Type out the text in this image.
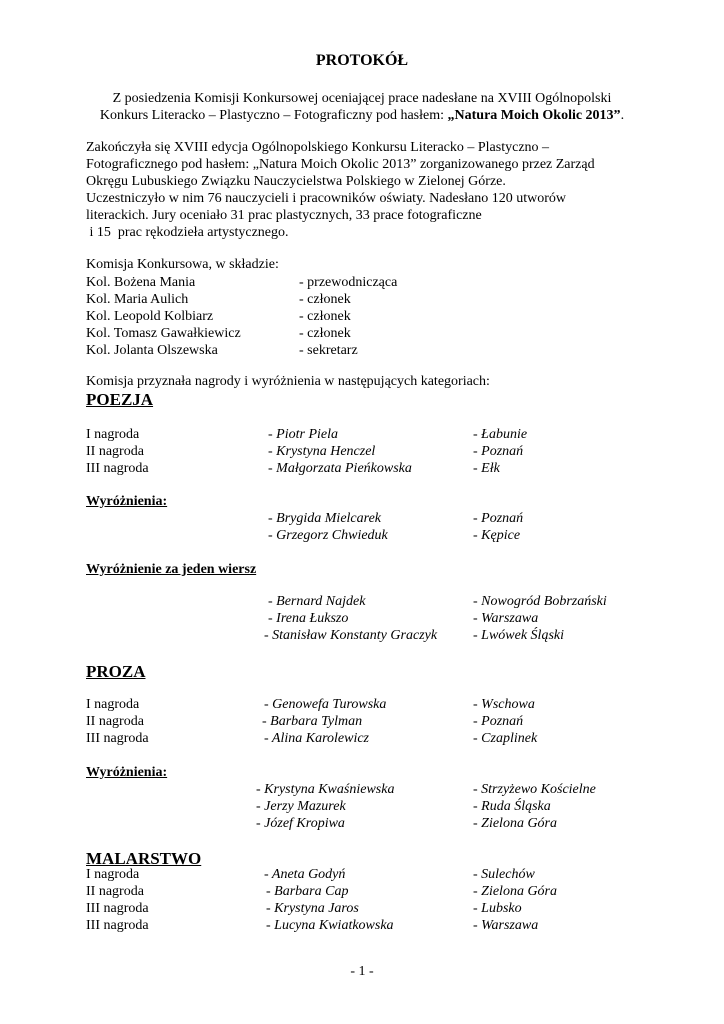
PROTOKÓŁ
Z posiedzenia Komisji Konkursowej oceniającej prace nadesłane na XVIII Ogólnopolski
Konkurs Literacko – Plastyczno – Fotograficzny pod hasłem: „Natura Moich Okolic 2013”.

Zakończyła się XVIII edycja Ogólnopolskiego Konkursu Literacko – Plastyczno –

Fotograficznego pod hasłem: „Natura Moich Okolic 2013” zorganizowanego przez Zarząd

Okręgu Lubuskiego Związku Nauczycielstwa Polskiego w Zielonej Górze.

Uczestniczyło w nim 76 nauczycieli i pracowników oświaty. Nadesłano 120 utworów

literackich. Jury oceniało 31 prac plastycznych, 33 prace fotograficzne

i 15  prac rękodzieła artystycznego.

Komisja Konkursowa, w składzie:
Kol. Bożena Mania	- przewodnicząca
Kol. Maria Aulich	- członek
Kol. Leopold Kolbiarz	- członek
Kol. Tomasz Gawałkiewicz	- członek
Kol. Jolanta Olszewska	- sekretarz
Komisja przyznała nagrody i wyróżnienia w następujących kategoriach:
POEZJA
I nagroda	- Piotr Piela	- Łabunie
II nagroda	- Krystyna Henczel	- Poznań
III nagroda	- Małgorzata Pieńkowska	- Ełk
Wyróżnienia:
- Brygida Mielcarek	- Poznań
- Grzegorz Chwieduk	- Kępice
Wyróżnienie za jeden wiersz
- Bernard Najdek	- Nowogród Bobrzański
- Irena Łukszo	- Warszawa
- Stanisław Konstanty Graczyk	- Lwówek Śląski
PROZA
I nagroda	- Genowefa Turowska	- Wschowa
II nagroda	- Barbara Tylman	- Poznań
III nagroda	- Alina Karolewicz	- Czaplinek
Wyróżnienia:
- Krystyna Kwaśniewska	- Strzyżewo Kościelne
- Jerzy Mazurek	- Ruda Śląska
- Józef Kropiwa	- Zielona Góra
MALARSTWO
I nagroda	- Aneta Godyń	- Sulechów
II nagroda	- Barbara Cap	- Zielona Góra
III nagroda	- Krystyna Jaros	- Lubsko
III nagroda	- Lucyna Kwiatkowska	- Warszawa
- 1 -
